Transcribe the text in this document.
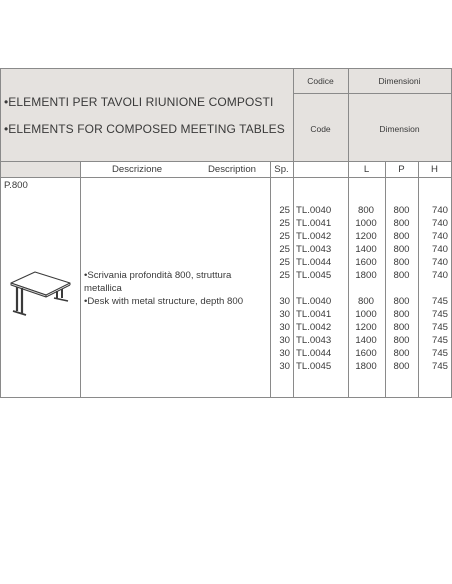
•ELEMENTI PER TAVOLI RIUNIONE COMPOSTI
•ELEMENTS FOR COMPOSED MEETING TABLES
Codice	Dimensioni
Code	Dimension
Descrizione	Description	Sp.	L	P	H
P.800
•Scrivania profondità 800, struttura
metallica
•Desk with metal structure, depth 800
25 TL.0040	800	800	740
25 TL.0041	1000	800	740
25 TL.0042	1200	800	740
25 TL.0043	1400	800	740
25 TL.0044	1600	800	740
25 TL.0045	1800	800	740
30 TL.0040	800	800	745
30 TL.0041	1000	800	745
30 TL.0042	1200	800	745
30 TL.0043	1400	800	745
30 TL.0044	1600	800	745
30 TL.0045	1800	800	745
